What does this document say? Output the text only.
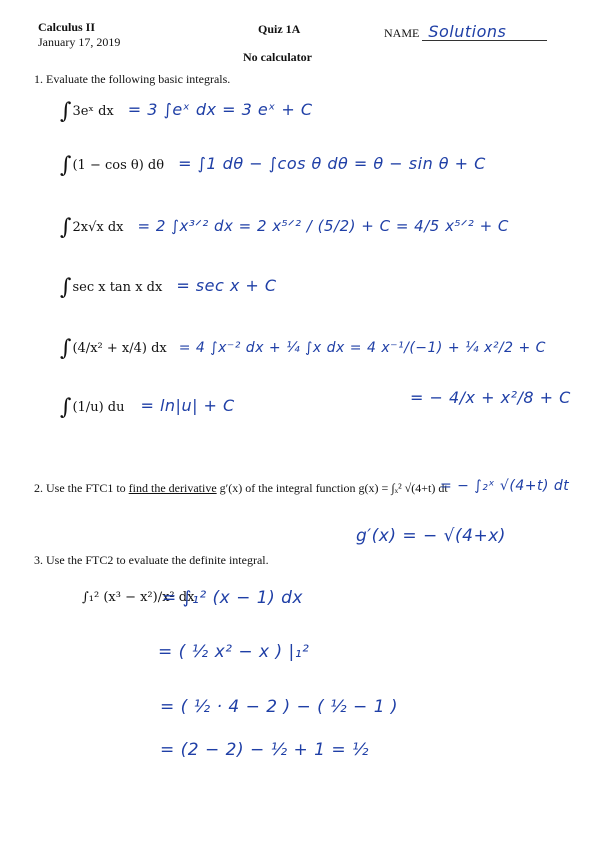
Calculus II
January 17, 2019
Quiz 1A
No calculator
NAME Solutions
1. Evaluate the following basic integrals.
∫3eˣ dx = 3 ∫eˣ dx = 3 eˣ + C
∫(1 − cos θ) dθ = ∫1 dθ − ∫cos θ dθ = θ − sin θ + C
∫2x√x dx = 2 ∫x³ᐟ² dx = 2 x⁵ᐟ² / (5/2) + C = 4/5 x⁵ᐟ² + C
∫sec x tan x dx = sec x + C
∫(4/x² + x/4) dx = 4 ∫x⁻² dx + ¼ ∫x dx = 4 x⁻¹/(−1) + ¼ x²/2 + C
∫(1/u) du = ln|u| + C	= − 4/x + x²/8 + C
2. Use the FTC1 to find the derivative g′(x) of the integral function g(x) = ∫ₓ² √(4+t) dt
= − ∫₂ˣ √(4+t) dt
g′(x) = − √(4+x)
3. Use the FTC2 to evaluate the definite integral.
∫₁² (x³ − x²)/x² dx
= ∫₁² (x − 1) dx
= ( ½ x² − x ) |₁²
= ( ½ · 4 − 2 ) − ( ½ − 1 )
= (2 − 2) − ½ + 1 = ½
